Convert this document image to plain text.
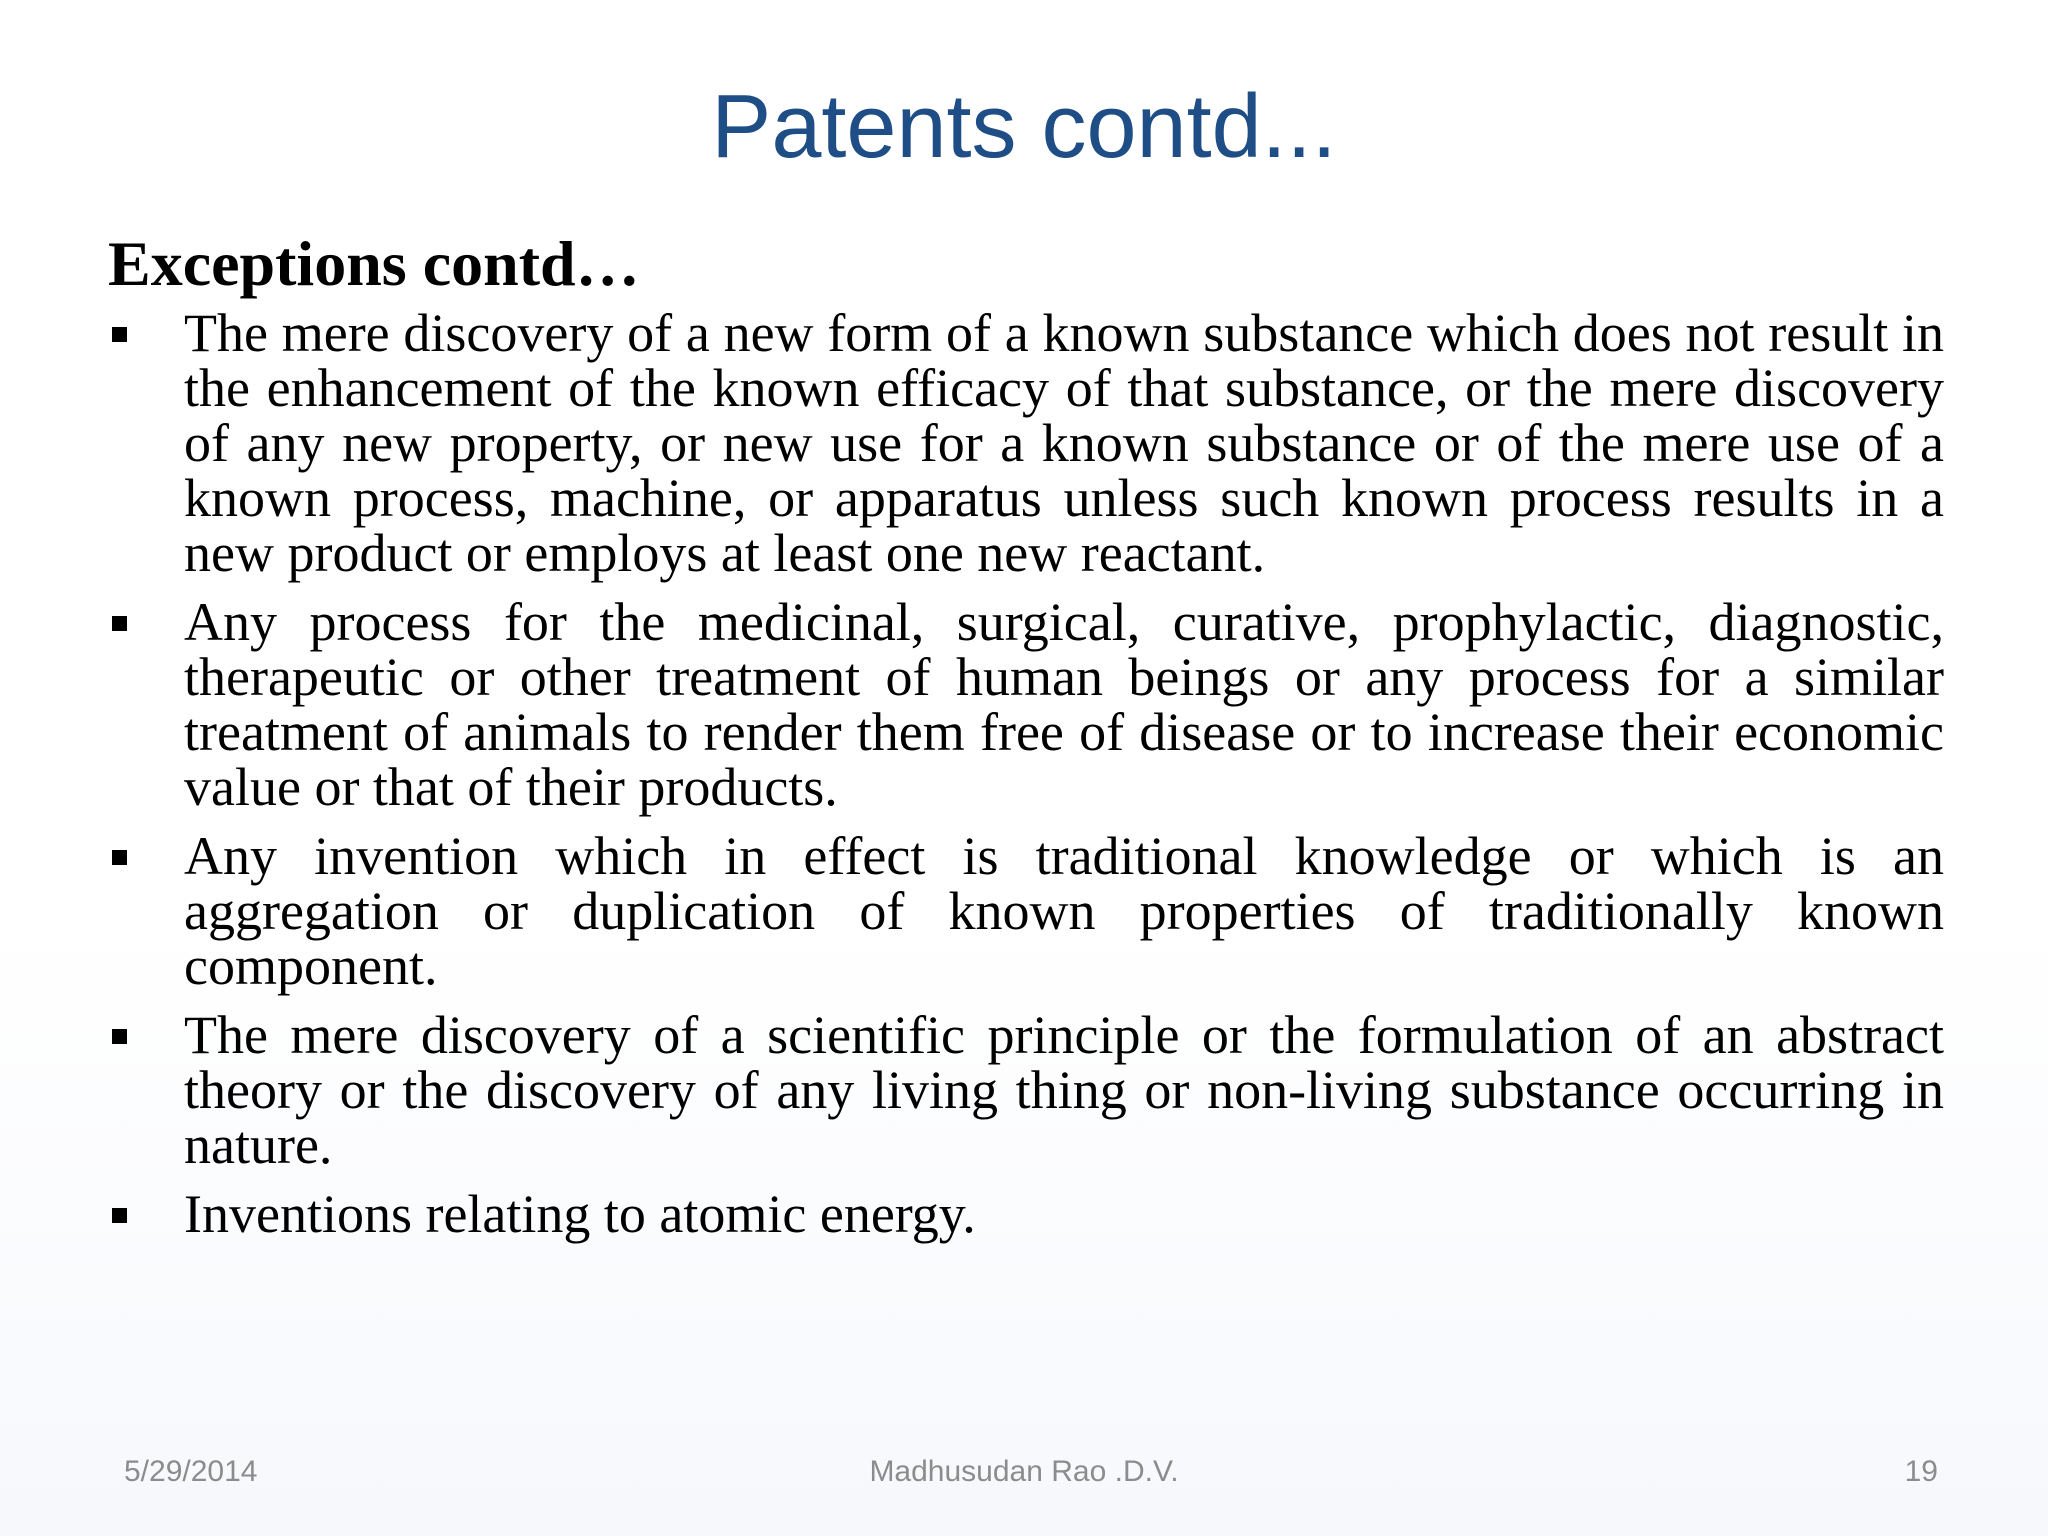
Patents contd...
Exceptions contd…
The mere discovery of a new form of a known substance which does not result in the enhancement of the known efficacy of that substance, or the mere discovery of any new property, or new use for a known substance or of the mere use of a known process, machine, or apparatus unless such known process results in a new product or employs at least one new reactant.
Any process for the medicinal, surgical, curative, prophylactic, diagnostic, therapeutic or other treatment of human beings or any process for a similar treatment of animals to render them free of disease or to increase their economic value or that of their products.
Any invention which in effect is traditional knowledge or which is an aggregation or duplication of known properties of traditionally known component.
The mere discovery of a scientific principle or the formulation of an abstract theory or the discovery of any living thing or non-living substance occurring in nature.
Inventions relating to atomic energy.
5/29/2014	Madhusudan Rao .D.V.	19
